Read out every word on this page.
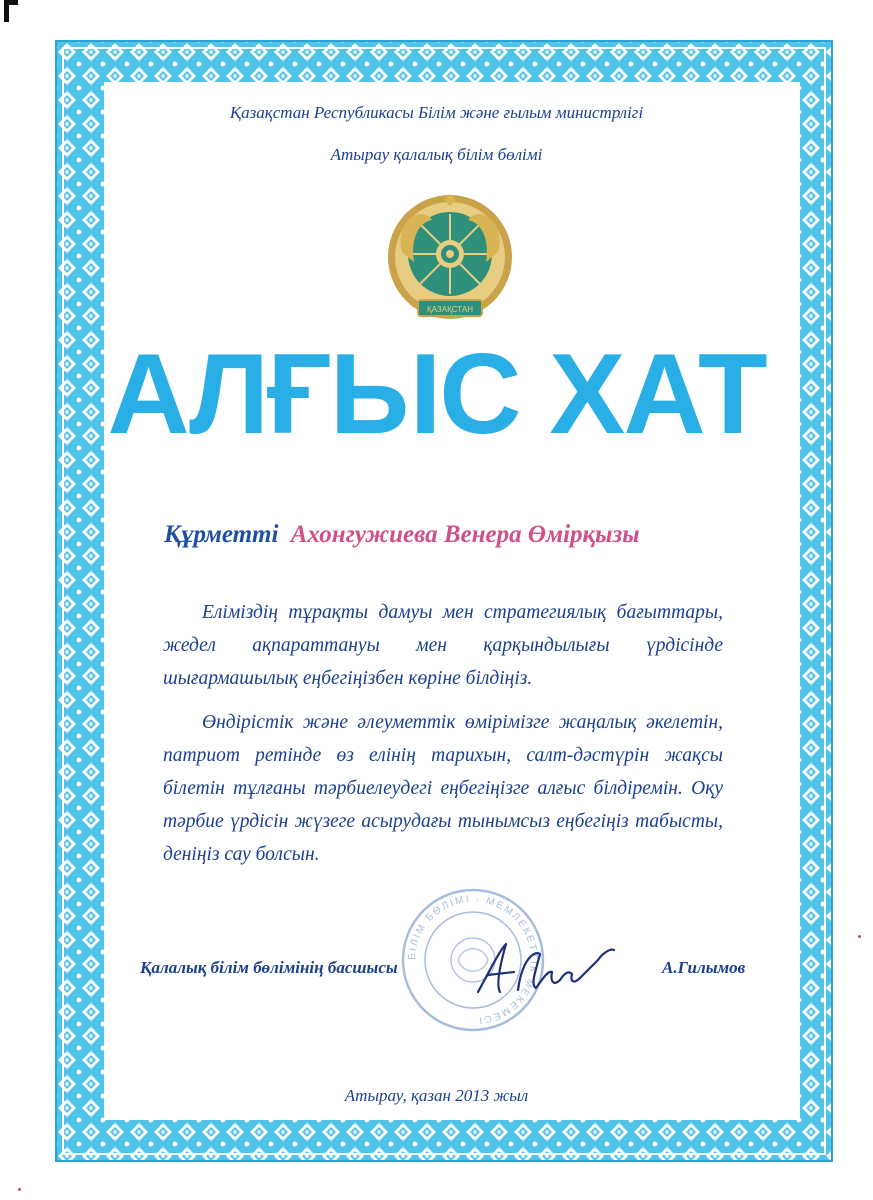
Қазақстан Республикасы Білім және ғылым министрлігі
Атырау қалалық білім бөлімі
ҚАЗАҚСТАН
АЛҒЫС ХАТ
Құрметті Ахонгужиева Венера Өмірқызы
Еліміздің тұрақты дамуы мен стратегиялық бағыттары, жедел ақпараттануы мен қарқындылығы үрдісінде шығармашылық еңбегіңізбен көріне білдіңіз.
Өндірістік және әлеуметтік өмірімізге жаңалық әкелетін, патриот ретінде өз елінің тарихын, салт-дәстүрін жақсы білетін тұлғаны тәрбиелеудегі еңбегіңізге алғыс білдіремін. Оқу тәрбие үрдісін жүзеге асырудағы тынымсыз еңбегіңіз табысты, деніңіз сау болсын.
БІЛІМ БӨЛІМІ · МЕМЛЕКЕТТІК МЕКЕМЕСІ
Қалалық білім бөлімінің басшысы	А.Гилымов
Атырау, қазан 2013 жыл
